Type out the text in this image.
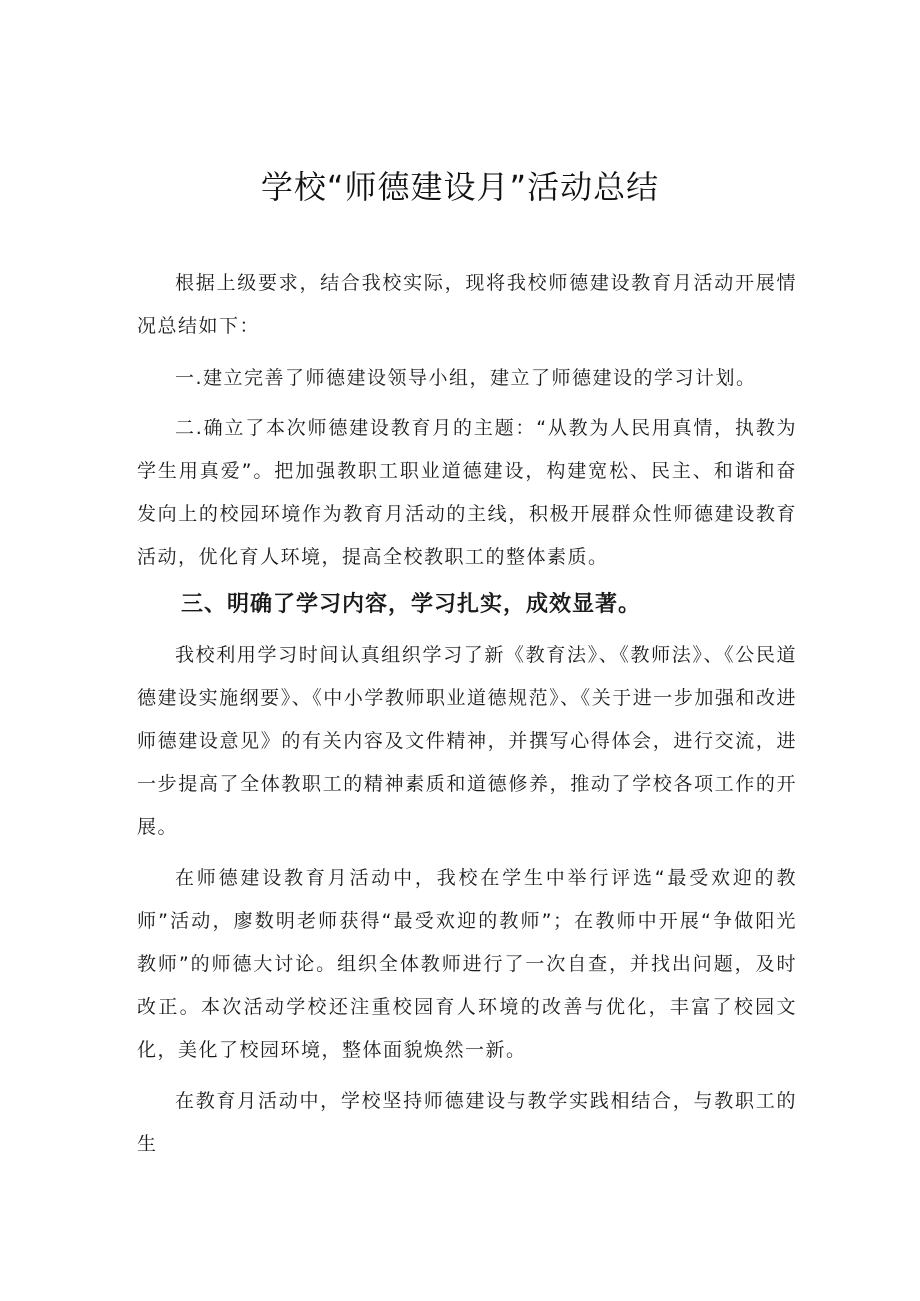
学校“师德建设月”活动总结

根据上级要求，结合我校实际，现将我校师德建设教育月活动开展情况总结如下：

一.建立完善了师德建设领导小组，建立了师德建设的学习计划。

二.确立了本次师德建设教育月的主题：“从教为人民用真情，执教为学生用真爱”。把加强教职工职业道德建设，构建宽松、民主、和谐和奋发向上的校园环境作为教育月活动的主线，积极开展群众性师德建设教育活动，优化育人环境，提高全校教职工的整体素质。

三、明确了学习内容，学习扎实，成效显著。

我校利用学习时间认真组织学习了新《教育法》、《教师法》、《公民道德建设实施纲要》、《中小学教师职业道德规范》、《关于进一步加强和改进师德建设意见》的有关内容及文件精神，并撰写心得体会，进行交流，进一步提高了全体教职工的精神素质和道德修养，推动了学校各项工作的开展。

在师德建设教育月活动中，我校在学生中举行评选“最受欢迎的教师”活动，廖数明老师获得“最受欢迎的教师”；在教师中开展“争做阳光教师”的师德大讨论。组织全体教师进行了一次自查，并找出问题，及时改正。本次活动学校还注重校园育人环境的改善与优化，丰富了校园文化，美化了校园环境，整体面貌焕然一新。

在教育月活动中，学校坚持师德建设与教学实践相结合，与教职工的生
